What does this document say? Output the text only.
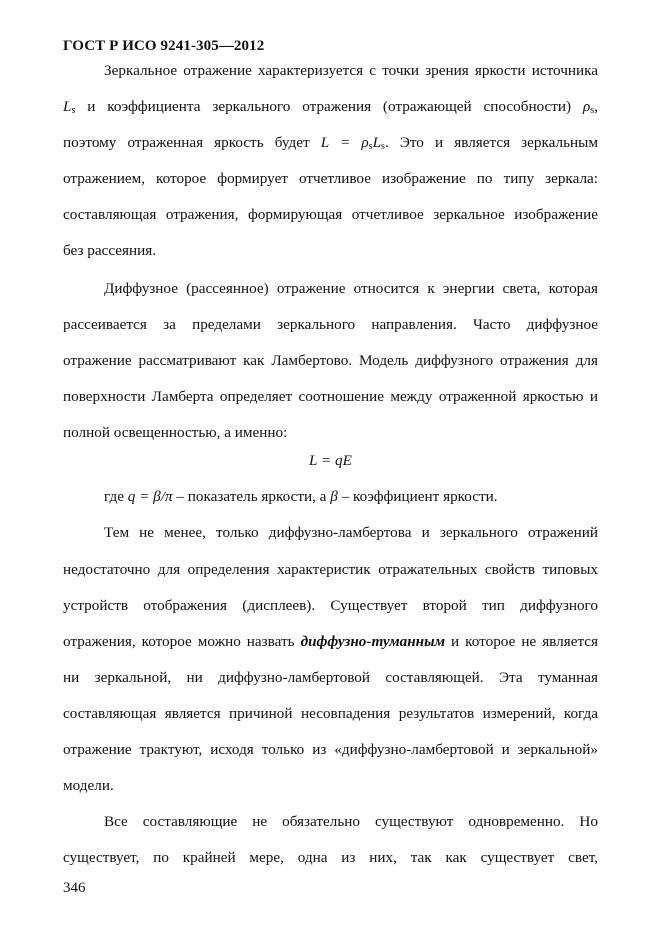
ГОСТ Р ИСО 9241-305—2012
Зеркальное отражение характеризуется с точки зрения яркости источника
$L_s$ и коэффициента зеркального отражения (отражающей способности) $\rho_s$,
поэтому отраженная яркость будет $L = \rho_sL_s$. Это и является зеркальным
отражением, которое формирует отчетливое изображение по типу зеркала:
составляющая отражения, формирующая отчетливое зеркальное изображение
без рассеяния.
Диффузное (рассеянное) отражение относится к энергии света, которая
рассеивается за пределами зеркального направления. Часто диффузное
отражение рассматривают как Ламбертово. Модель диффузного отражения для
поверхности Ламберта определяет соотношение между отраженной яркостью и
полной освещенностью, а именно:
L = qE
где q = β/π – показатель яркости, а β – коэффициент яркости.
Тем не менее, только диффузно-ламбертова и зеркального отражений
недостаточно для определения характеристик отражательных свойств типовых
устройств отображения (дисплеев). Существует второй тип диффузного
отражения, которое можно назвать диффузно-туманным и которое не является
ни зеркальной, ни диффузно-ламбертовой составляющей. Эта туманная
составляющая является причиной несовпадения результатов измерений, когда
отражение трактуют, исходя только из «диффузно-ламбертовой и зеркальной»
модели.
Все составляющие не обязательно существуют одновременно. Но
существует, по крайней мере, одна из них, так как существует свет,
346
